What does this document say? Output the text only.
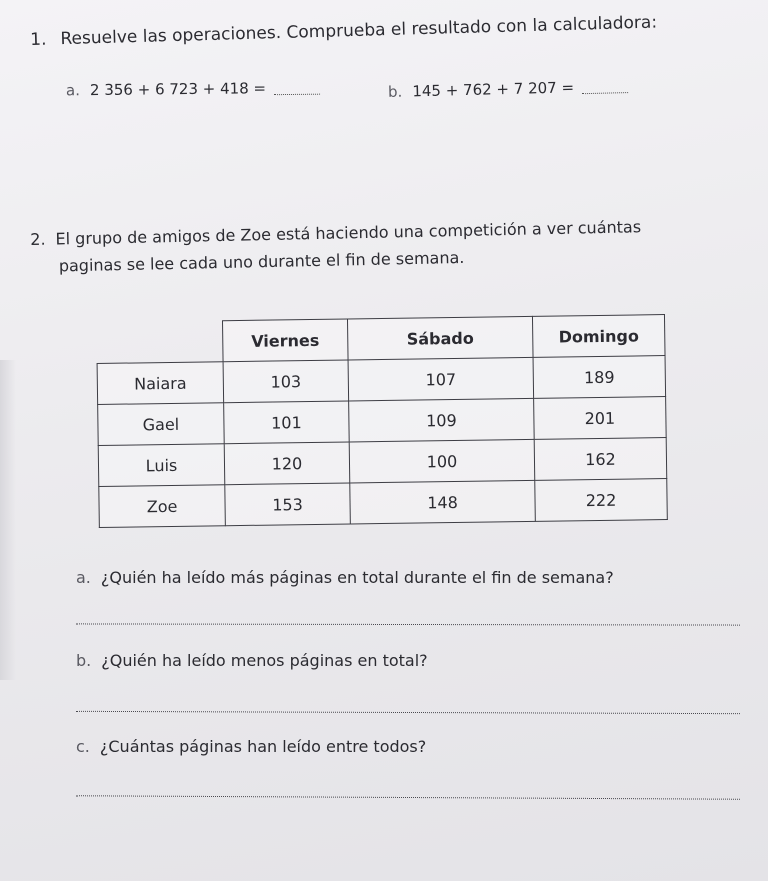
1. Resuelve las operaciones. Comprueba el resultado con la calculadora:
a. 2 356 + 6 723 + 418 =	b. 145 + 762 + 7 207 =
2. El grupo de amigos de Zoe está haciendo una competición a ver cuántas
paginas se lee cada uno durante el fin de semana.
	Viernes	Sábado	Domingo
Naiara	103	107	189
Gael	101	109	201
Luis	120	100	162
Zoe	153	148	222
a. ¿Quién ha leído más páginas en total durante el fin de semana?
b. ¿Quién ha leído menos páginas en total?
c. ¿Cuántas páginas han leído entre todos?
